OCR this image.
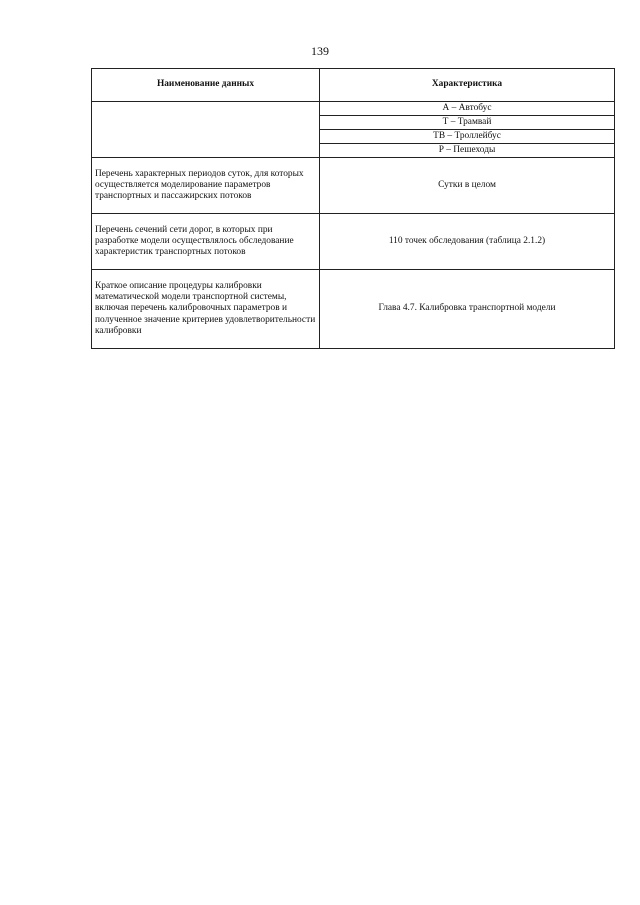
139
Наименование данных	Характеристика

	А – Автобус
Т – Трамвай
ТВ – Троллейбус
Р – Пешеходы

Перечень характерных периодов суток, для которых осуществляется моделирование параметров транспортных и пассажирских потоков	Сутки в целом
Перечень сечений сети дорог, в которых при разработке модели осуществлялось обследование характеристик транспортных потоков	110 точек обследования (таблица 2.1.2)
Краткое описание процедуры калибровки математической модели транспортной системы, включая перечень калибровочных параметров и полученное значение критериев удовлетворительности калибровки	Глава 4.7. Калибровка транспортной модели
